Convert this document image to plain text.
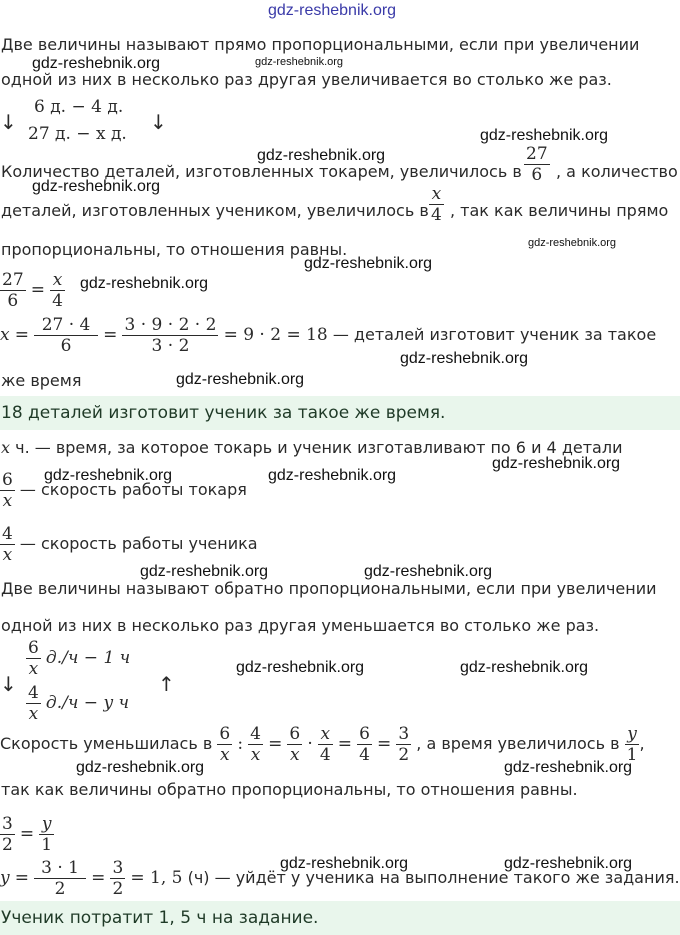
gdz-reshebnik.org
Две величины называют прямо пропорциональными, если при увеличении
gdz-reshebnik.org	gdz-reshebnik.org
одной из них в несколько раз другая увеличивается во столько же раз.
↓
6 д. − 4 д.
27 д. − x д. ↓
gdz-reshebnik.org
gdz-reshebnik.org
Количество деталей, изготовленных токарем, увеличилось в $\frac{27}{6}$ , а количество
gdz-reshebnik.org
деталей, изготовленных учеником, увеличилось в $\frac{x}{4}$ , так как величины прямо
пропорциональны, то отношения равны.	gdz-reshebnik.org
gdz-reshebnik.org
$\frac{27}{6} = \frac{x}{4}$ gdz-reshebnik.org
$x = \frac{27 \cdot 4}{6} = \frac{3 \cdot 9 \cdot 2 \cdot 2}{3 \cdot 2} = 9 \cdot 2 = 18$ — деталей изготовит ученик за такое
gdz-reshebnik.org
же время	gdz-reshebnik.org
18 деталей изготовит ученик за такое же время.
x ч. — время, за которое токарь и ученик изготавливают по 6 и 4 детали
gdz-reshebnik.org
$\frac{6}{x}$ — скорость работы токаря
gdz-reshebnik.org	gdz-reshebnik.org
$\frac{4}{x}$ — скорость работы ученика
gdz-reshebnik.org	gdz-reshebnik.org
Две величины называют обратно пропорциональными, если при увеличении
одной из них в несколько раз другая уменьшается во столько же раз.
↓
$\frac{6}{x} д./ч - 1$ ч
$\frac{4}{x} д./ч - y$ ч
↑
gdz-reshebnik.org	gdz-reshebnik.org
Скорость уменьшилась в $\frac{6}{x}$ : $\frac{4}{x} = \frac{6}{x} \cdot \frac{x}{4} = \frac{6}{4} = \frac{3}{2}$ , а время увеличилось в $\frac{y}{1}$ ,
gdz-reshebnik.org	gdz-reshebnik.org
так как величины обратно пропорциональны, то отношения равны.
$\frac{3}{2} = \frac{y}{1}$
$y = \frac{3 \cdot 1}{2} = \frac{3}{2} = 1$, 5 (ч) — уйдёт у ученика на выполнение такого же задания.
gdz-reshebnik.org	gdz-reshebnik.org
Ученик потратит 1, 5 ч на задание.
